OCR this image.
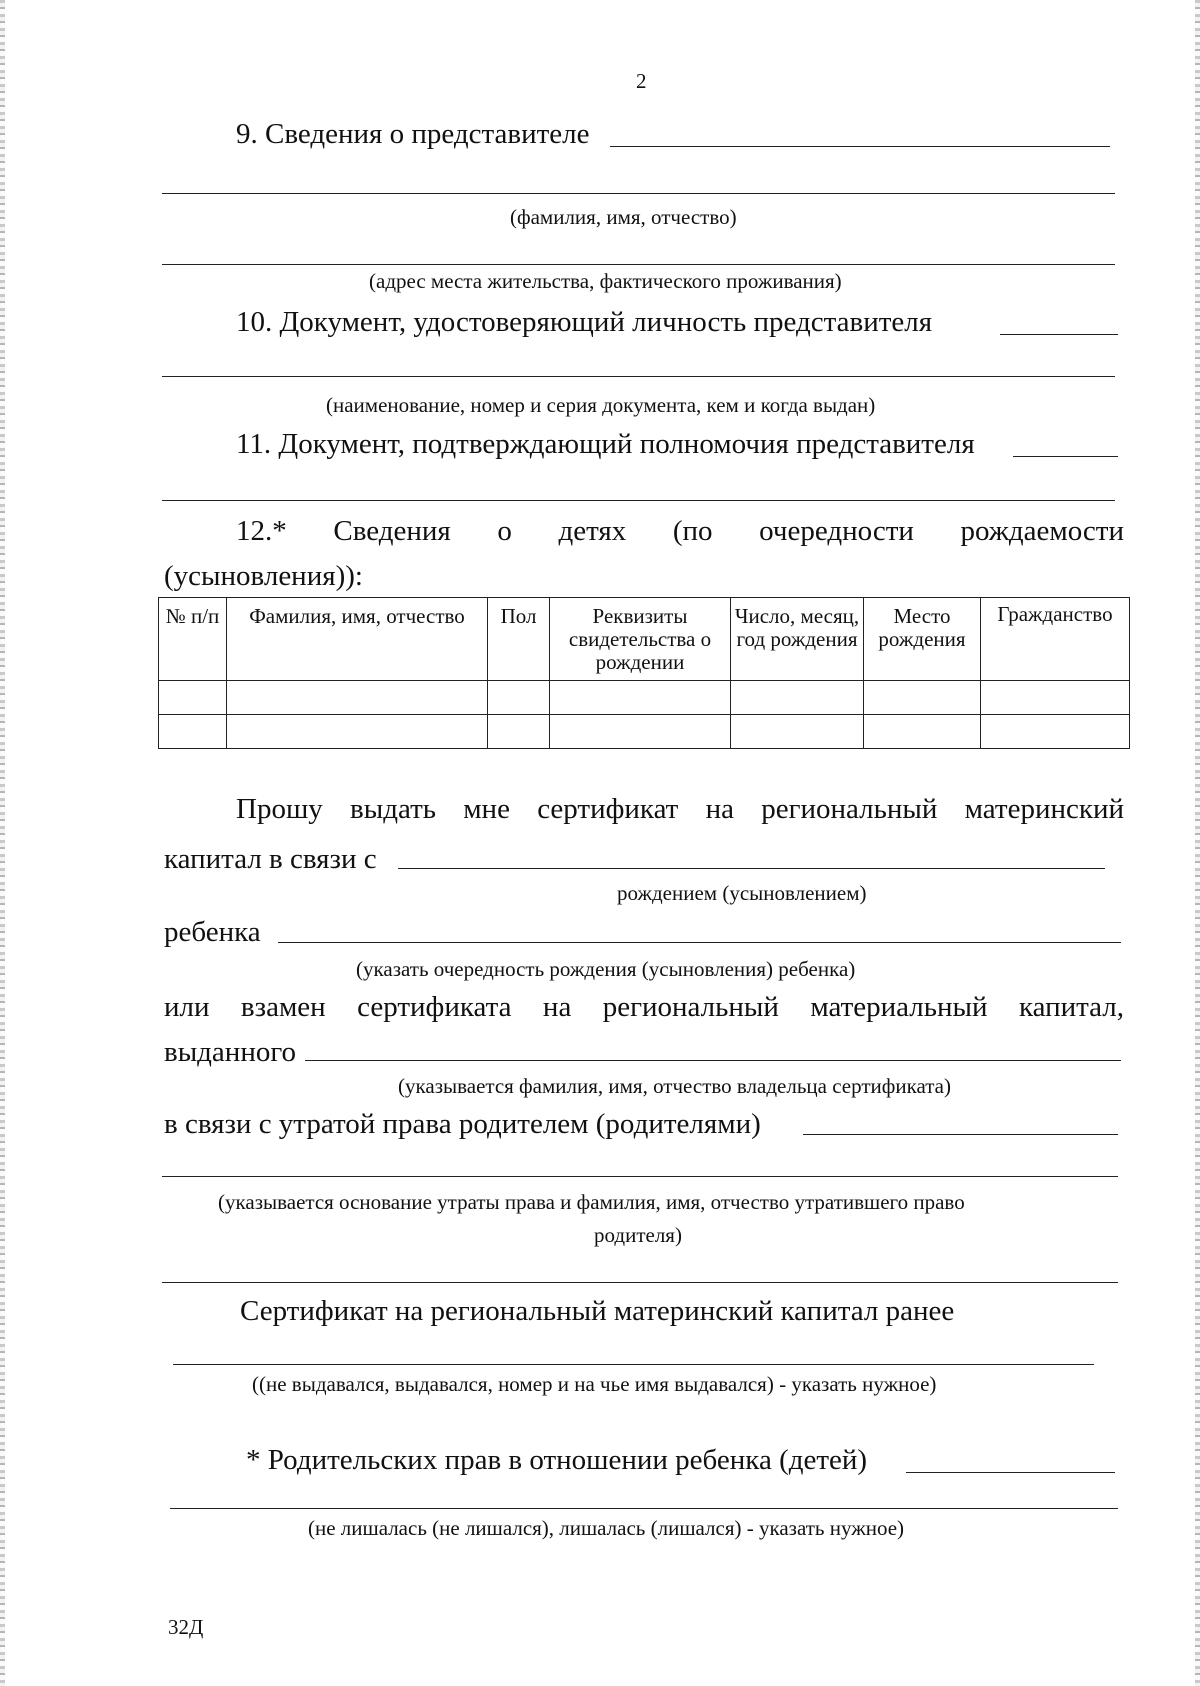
2
9. Сведения о представителе
(фамилия, имя, отчество)
(адрес места жительства, фактического проживания)
10. Документ, удостоверяющий личность представителя
(наименование, номер и серия документа, кем и когда выдан)
11. Документ, подтверждающий полномочия представителя
12.* Сведения о детях (по очередности рождаемости
(усыновления)):
№ п/п	Фамилия, имя, отчество	Пол	Реквизиты свидетельства о рождении	Число, месяц, год рождения	Место рождения	Гражданство

Прошу выдать мне сертификат на региональный материнский
капитал в связи с
рождением (усыновлением)
ребенка
(указать очередность рождения (усыновления) ребенка)
или взамен сертификата на региональный материальный капитал,
выданного
(указывается фамилия, имя, отчество владельца сертификата)
в связи с утратой права родителем (родителями)
(указывается основание утраты права и фамилия, имя, отчество утратившего право
родителя)
Сертификат на региональный материнский капитал ранее
((не выдавался, выдавался, номер и на чье имя выдавался) - указать нужное)
* Родительских прав в отношении ребенка (детей)
(не лишалась (не лишался), лишалась (лишался) - указать нужное)
32Д
